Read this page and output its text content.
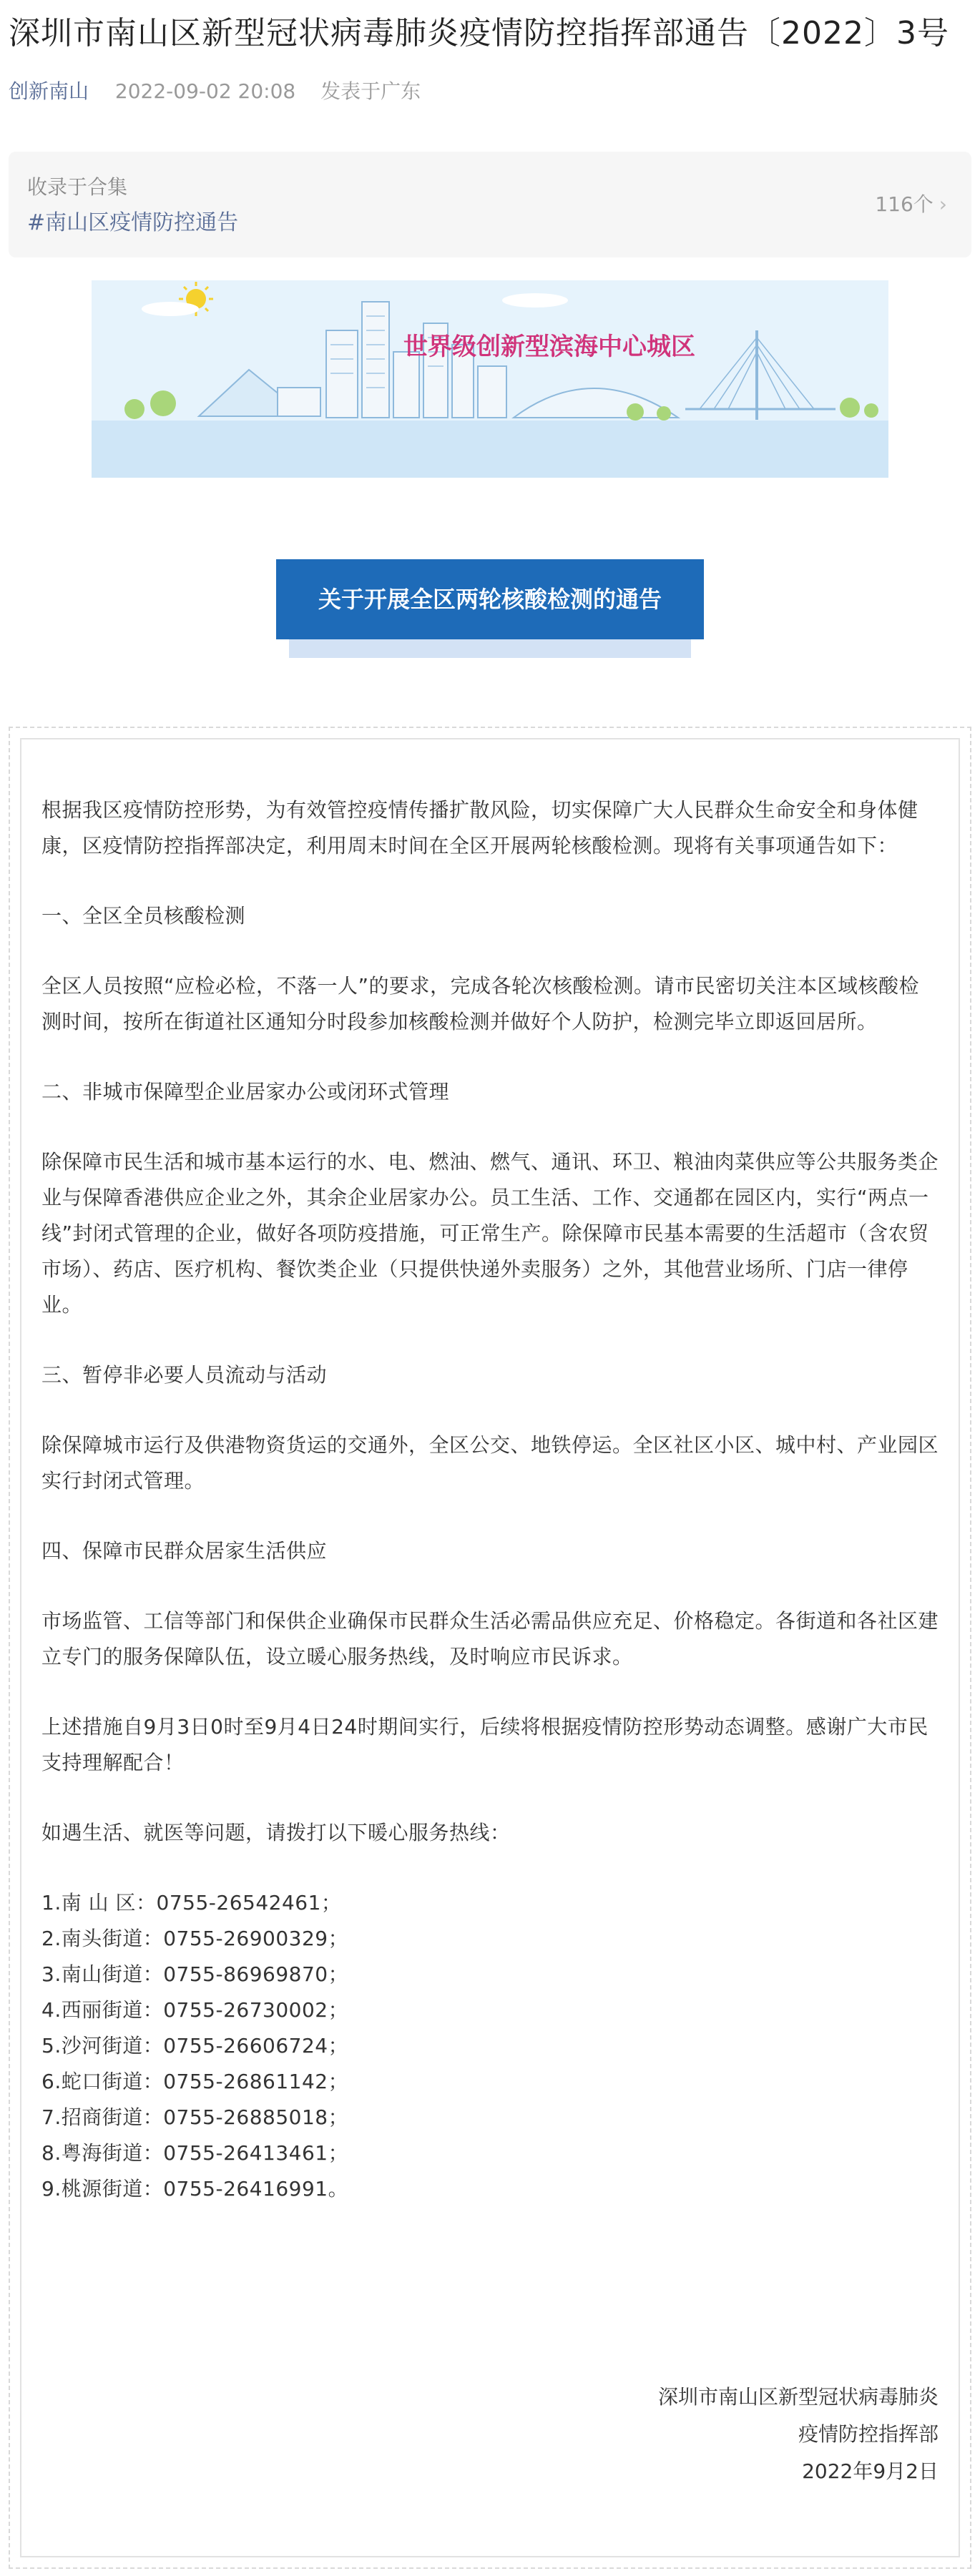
深圳市南山区新型冠状病毒肺炎疫情防控指挥部通告〔2022〕3号
创新南山 2022-09-02 20:08 发表于广东
收录于合集
#南山区疫情防控通告
116个 ›
世界级创新型滨海中心城区
关于开展全区两轮核酸检测的通告

根据我区疫情防控形势，为有效管控疫情传播扩散风险，切实保障广大人民群众生命安全和身体健康，区疫情防控指挥部决定，利用周末时间在全区开展两轮核酸检测。现将有关事项通告如下：

一、全区全员核酸检测

全区人员按照“应检必检，不落一人”的要求，完成各轮次核酸检测。请市民密切关注本区域核酸检测时间，按所在街道社区通知分时段参加核酸检测并做好个人防护，检测完毕立即返回居所。

二、非城市保障型企业居家办公或闭环式管理

除保障市民生活和城市基本运行的水、电、燃油、燃气、通讯、环卫、粮油肉菜供应等公共服务类企业与保障香港供应企业之外，其余企业居家办公。员工生活、工作、交通都在园区内，实行“两点一线”封闭式管理的企业，做好各项防疫措施，可正常生产。除保障市民基本需要的生活超市（含农贸市场）、药店、医疗机构、餐饮类企业（只提供快递外卖服务）之外，其他营业场所、门店一律停业。

三、暂停非必要人员流动与活动

除保障城市运行及供港物资货运的交通外，全区公交、地铁停运。全区社区小区、城中村、产业园区实行封闭式管理。

四、保障市民群众居家生活供应

市场监管、工信等部门和保供企业确保市民群众生活必需品供应充足、价格稳定。各街道和各社区建立专门的服务保障队伍，设立暖心服务热线，及时响应市民诉求。

上述措施自9月3日0时至9月4日24时期间实行，后续将根据疫情防控形势动态调整。感谢广大市民支持理解配合！

如遇生活、就医等问题，请拨打以下暖心服务热线：

1.南 山 区：0755-26542461；
2.南头街道：0755-26900329；
3.南山街道：0755-86969870；
4.西丽街道：0755-26730002；
5.沙河街道：0755-26606724；
6.蛇口街道：0755-26861142；
7.招商街道：0755-26885018；
8.粤海街道：0755-26413461；
9.桃源街道：0755-26416991。
深圳市南山区新型冠状病毒肺炎
疫情防控指挥部
2022年9月2日
